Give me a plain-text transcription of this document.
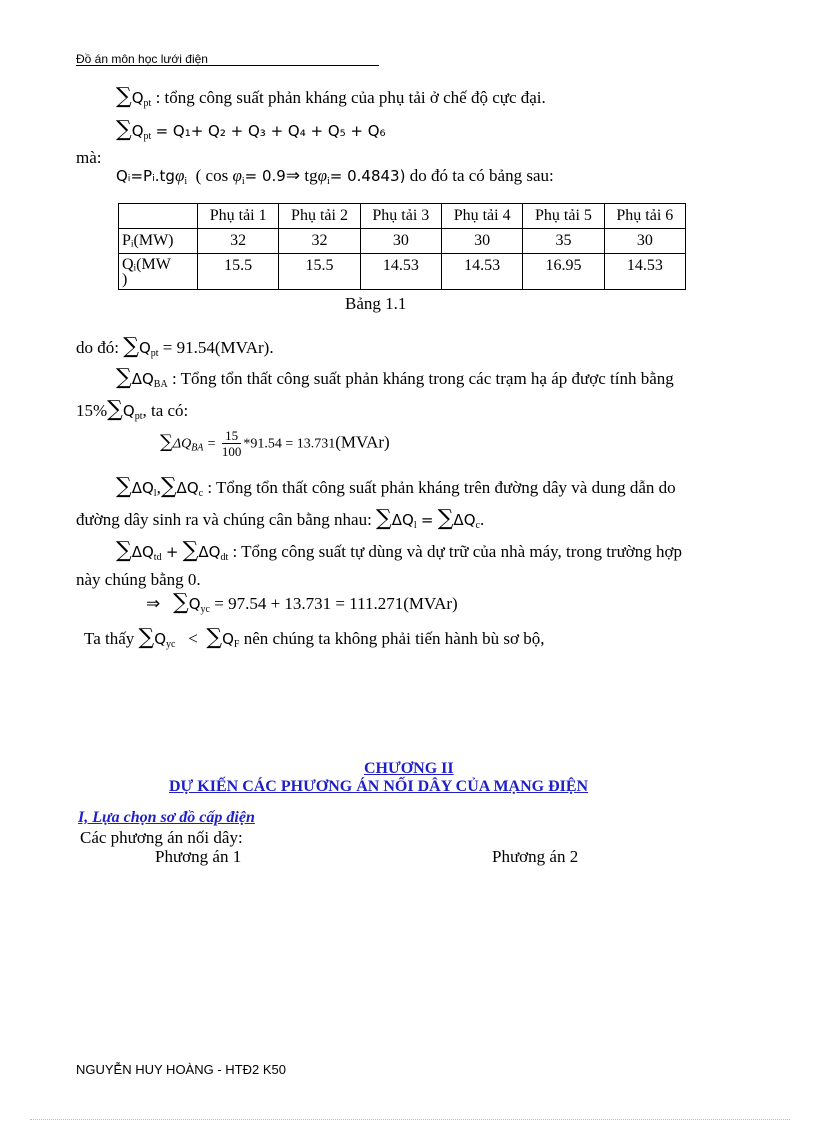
Đồ án môn học lưới điện
$\sum Q_{pt}$ : tổng công suất phản kháng của phụ tải ở chế độ cực đại.
$\sum Q_{pt} = Q_1+ Q_2 + Q_3 + Q_4 + Q_5 + Q_6$
mà:
Qᵢ=Pᵢ.tgφ$_i$ ( $\cos \varphi_i=$ 0.9⇒ tgφ$_i$= 0.4843) do đó ta có bảng sau:
	Phụ tải 1	Phụ tải 2	Phụ tải 3	Phụ tải 4	Phụ tải 5	Phụ tải 6
Pᵢ(MW)	32	32	30	30	35	30
Qᵢ(MW
)	15.5	15.5	14.53	14.53	16.95	14.53
Bảng 1.1
do đó: $\sum Q_{pt}$ = 91.54(MVAr).
$\sum\Delta Q_{BA}$ : Tổng tổn thất công suất phản kháng trong các trạm hạ áp được tính bằng
$15\%\sum Q_{pt}$, ta có:
$\sum\Delta Q_{BA} = \frac{15}{100} *91.54$ = 13.731(MVAr)
$\sum\Delta Q_l,\sum\Delta Q_c$ : Tổng tổn thất công suất phản kháng trên đường dây và dung dẫn do
đường dây sinh ra và chúng cân bằng nhau: $\sum\Delta Q_l = \sum\Delta Q_c$.
$\sum\Delta Q_{td} + \sum\Delta Q_{dt}$ : Tổng công suất tự dùng và dự trữ của nhà máy, trong trường hợp
này chúng bằng 0.
⇒ $\sum Q_{yc} = 97.54 + 13.731$ = 111.271(MVAr)
Ta thấy $\sum Q_{yc} < \sum Q_F$ nên chúng ta không phải tiến hành bù sơ bộ,
CHƯƠNG II
DỰ KIẾN CÁC PHƯƠNG ÁN NỐI DÂY CỦA MẠNG ĐIỆN
I, Lựa chọn sơ đồ cấp điện
Các phương án nối dây:
Phương án 1	Phương án 2
NGUYỄN HUY HOÀNG - HTĐ2 K50
